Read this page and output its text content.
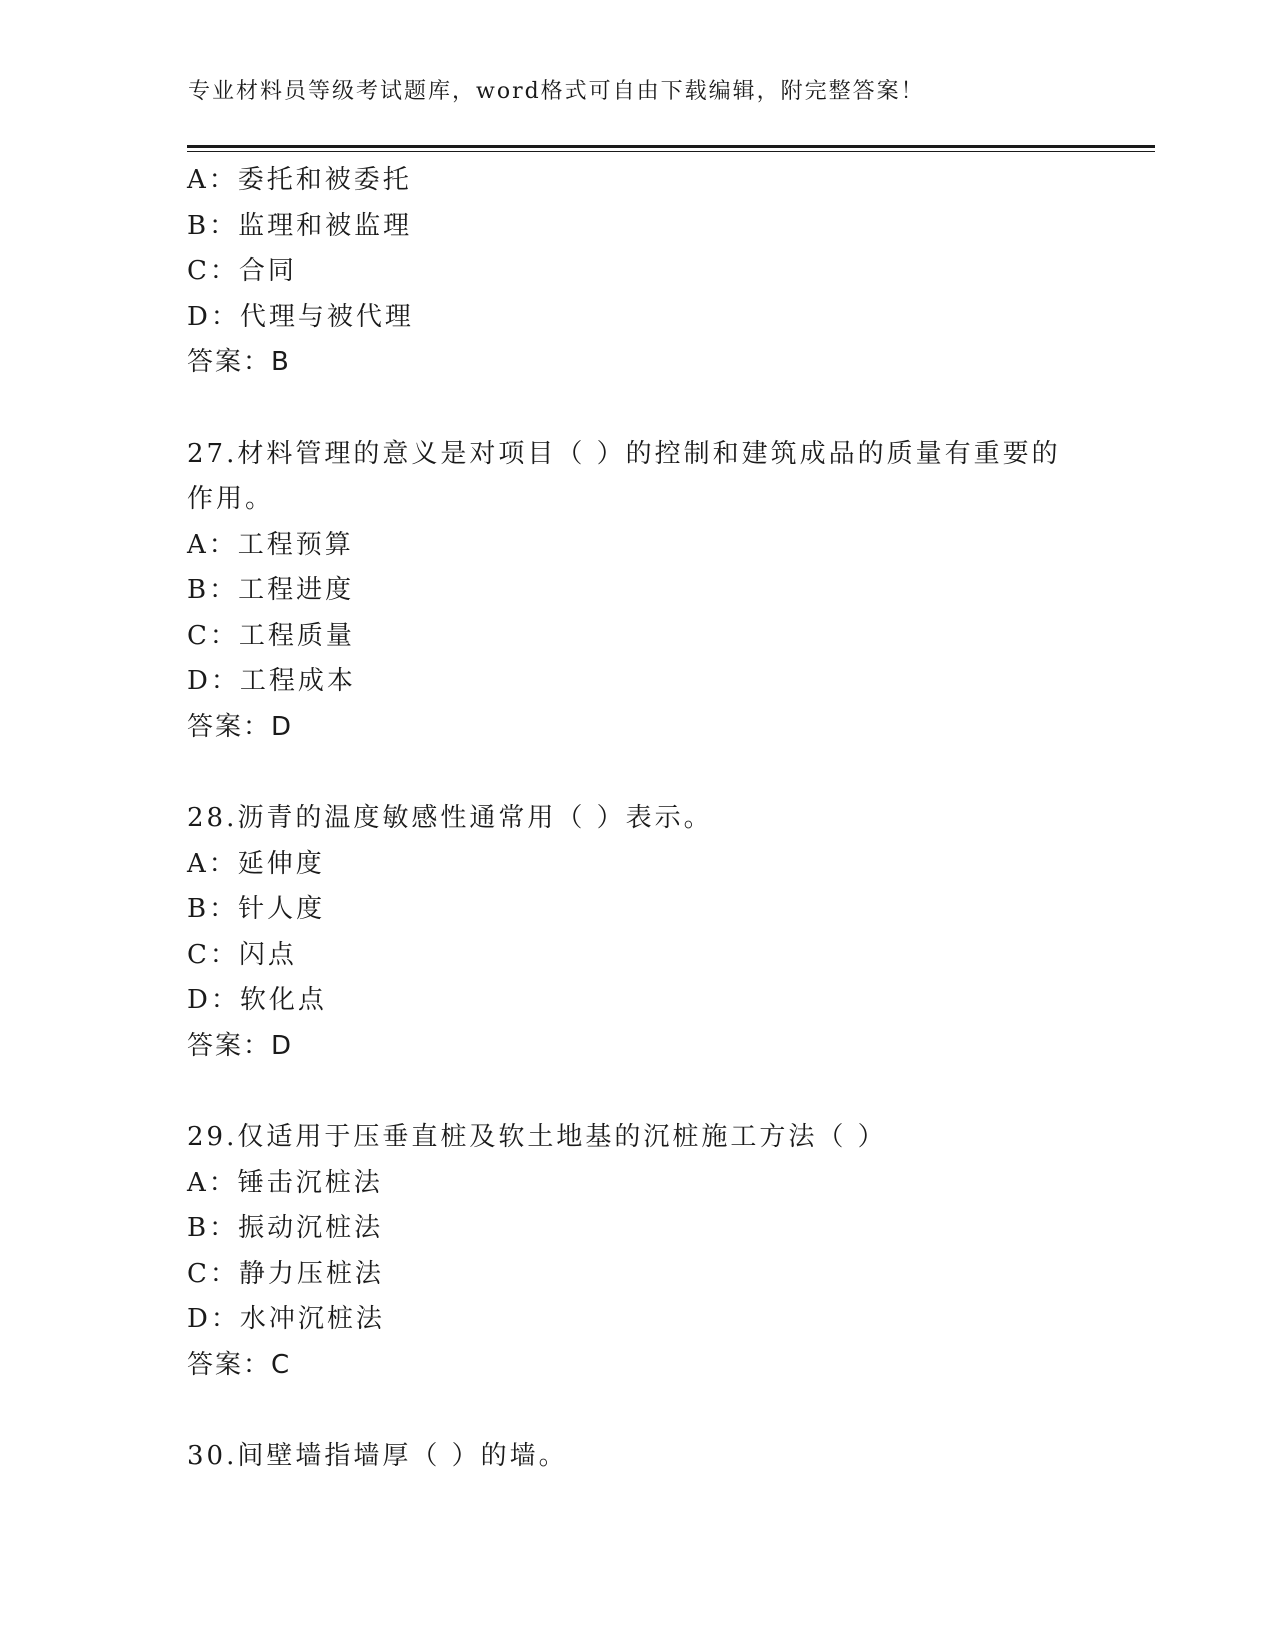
专业材料员等级考试题库，word格式可自由下载编辑，附完整答案！
A：委托和被委托
B：监理和被监理
C：合同
D：代理与被代理
答案：B
27.材料管理的意义是对项目（ ）的控制和建筑成品的质量有重要的
作用。
A：工程预算
B：工程进度
C：工程质量
D：工程成本
答案：D
28.沥青的温度敏感性通常用（ ）表示。
A：延伸度
B：针人度
C：闪点
D：软化点
答案：D
29.仅适用于压垂直桩及软土地基的沉桩施工方法（ ）
A：锤击沉桩法
B：振动沉桩法
C：静力压桩法
D：水冲沉桩法
答案：C
30.间壁墙指墙厚（ ）的墙。
